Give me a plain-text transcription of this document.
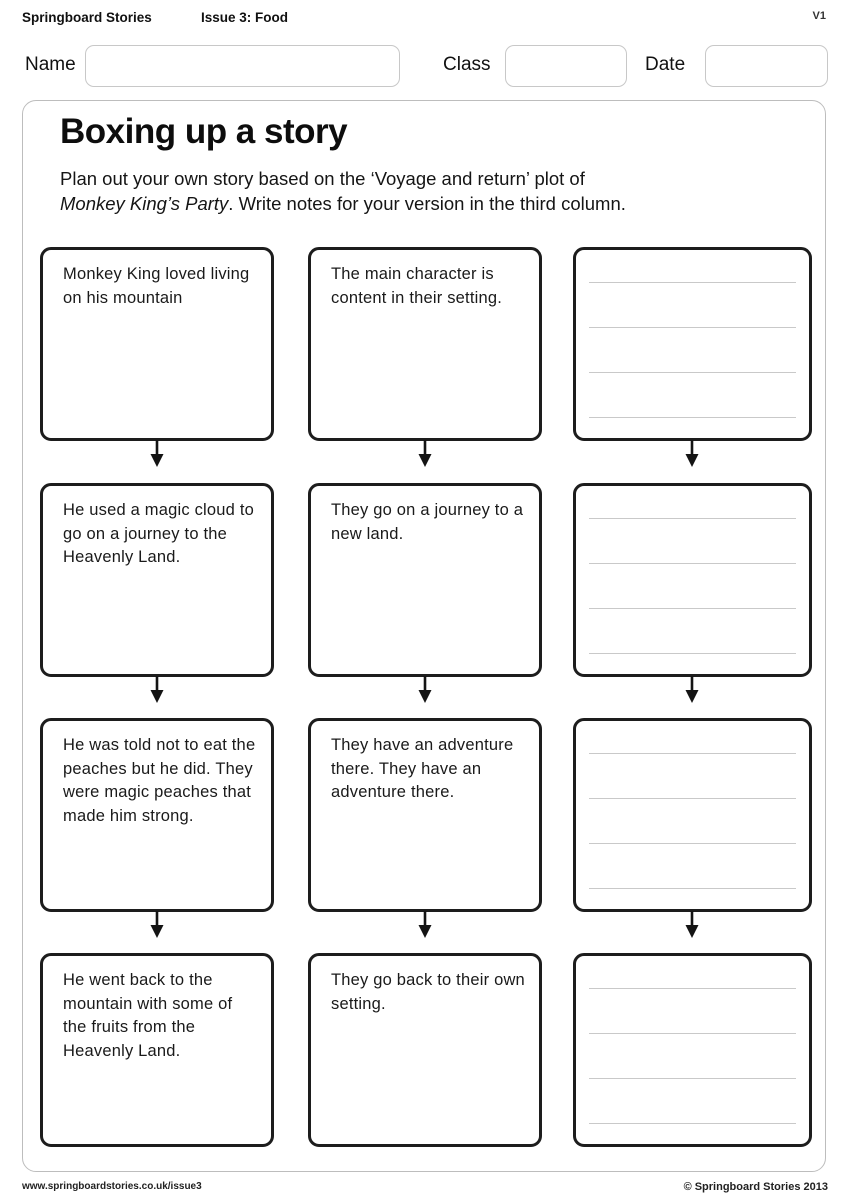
Springboard Stories	Issue 3: Food	V1
Name	Class	Date
Boxing up a story
Plan out your own story based on the ‘Voyage and return’ plot of
Monkey King’s Party. Write notes for your version in the third column.
Monkey King loved living on his mountain
The main character is content in their setting.
He used a magic cloud to go on a journey to the Heavenly Land.
They go on a journey to a new land.
He was told not to eat the peaches but he did. They were magic peaches that made him strong.
They have an adventure there. They have an adventure there.
He went back to the mountain with some of the fruits from the Heavenly Land.
They go back to their own setting.
www.springboardstories.co.uk/issue3	© Springboard Stories 2013
